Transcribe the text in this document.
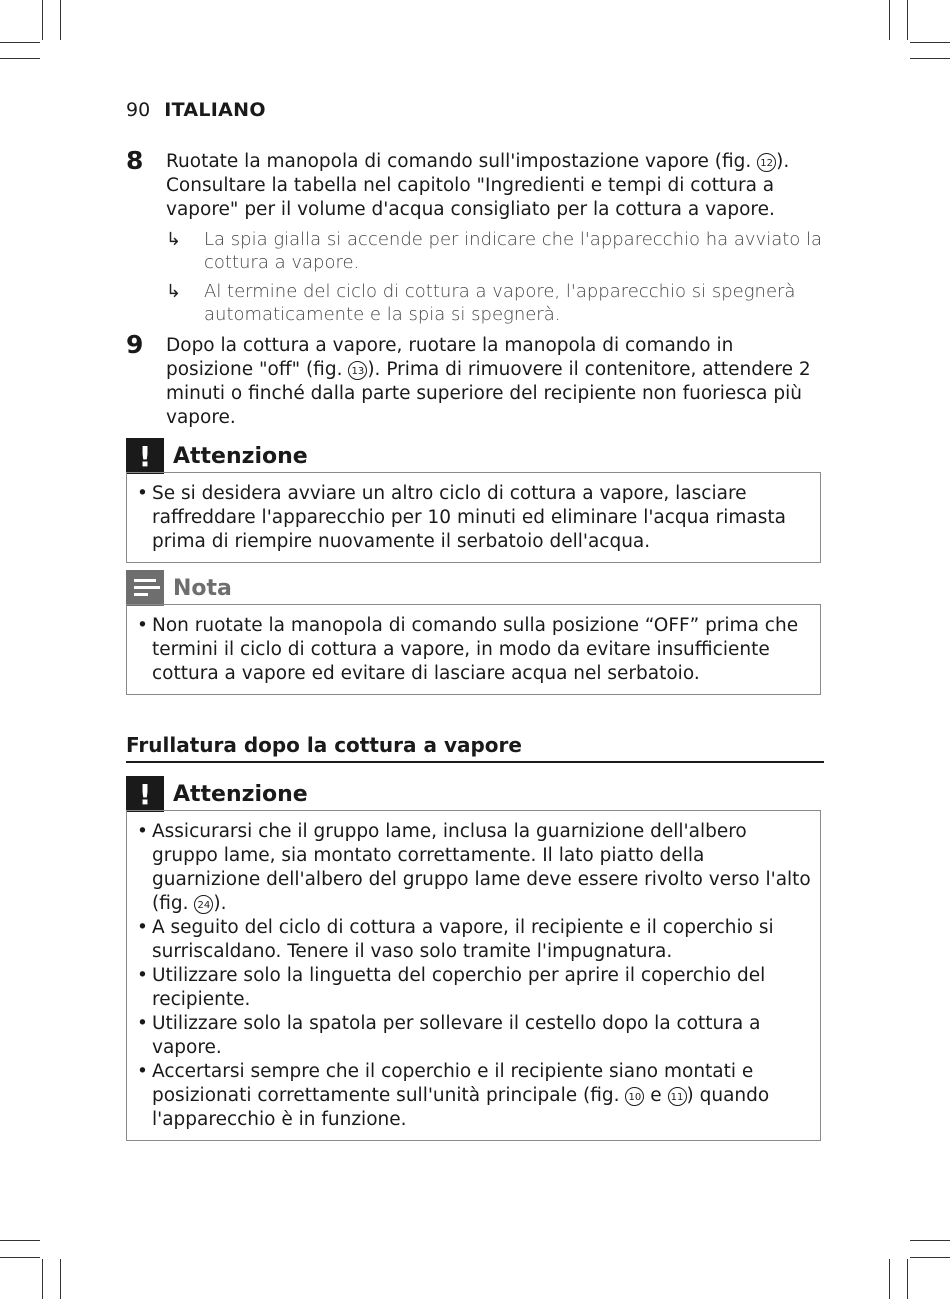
90 ITALIANO
8 Ruotate la manopola di comando sull'impostazione vapore (fig. 12 ). Consultare la tabella nel capitolo "Ingredienti e tempi di cottura a vapore" per il volume d'acqua consigliato per la cottura a vapore.
↳ La spia gialla si accende per indicare che l'apparecchio ha avviato la cottura a vapore.
↳ Al termine del ciclo di cottura a vapore, l'apparecchio si spegnerà automaticamente e la spia si spegnerà.
9 Dopo la cottura a vapore, ruotare la manopola di comando in posizione "off" (fig. 13 ). Prima di rimuovere il contenitore, attendere 2 minuti o finché dalla parte superiore del recipiente non fuoriesca più vapore.
! Attenzione
• Se si desidera avviare un altro ciclo di cottura a vapore, lasciare raffreddare l'apparecchio per 10 minuti ed eliminare l'acqua rimasta prima di riempire nuovamente il serbatoio dell'acqua.
Nota
• Non ruotate la manopola di comando sulla posizione “OFF” prima che termini il ciclo di cottura a vapore, in modo da evitare insufficiente cottura a vapore ed evitare di lasciare acqua nel serbatoio.
Frullatura dopo la cottura a vapore
! Attenzione
• Assicurarsi che il gruppo lame, inclusa la guarnizione dell'albero gruppo lame, sia montato correttamente. Il lato piatto della guarnizione dell'albero del gruppo lame deve essere rivolto verso l'alto (fig. 24 ).
• A seguito del ciclo di cottura a vapore, il recipiente e il coperchio si surriscaldano. Tenere il vaso solo tramite l'impugnatura.
• Utilizzare solo la linguetta del coperchio per aprire il coperchio del recipiente.
• Utilizzare solo la spatola per sollevare il cestello dopo la cottura a vapore.
• Accertarsi sempre che il coperchio e il recipiente siano montati e posizionati correttamente sull'unità principale (fig. 10 e 11 ) quando l'apparecchio è in funzione.
